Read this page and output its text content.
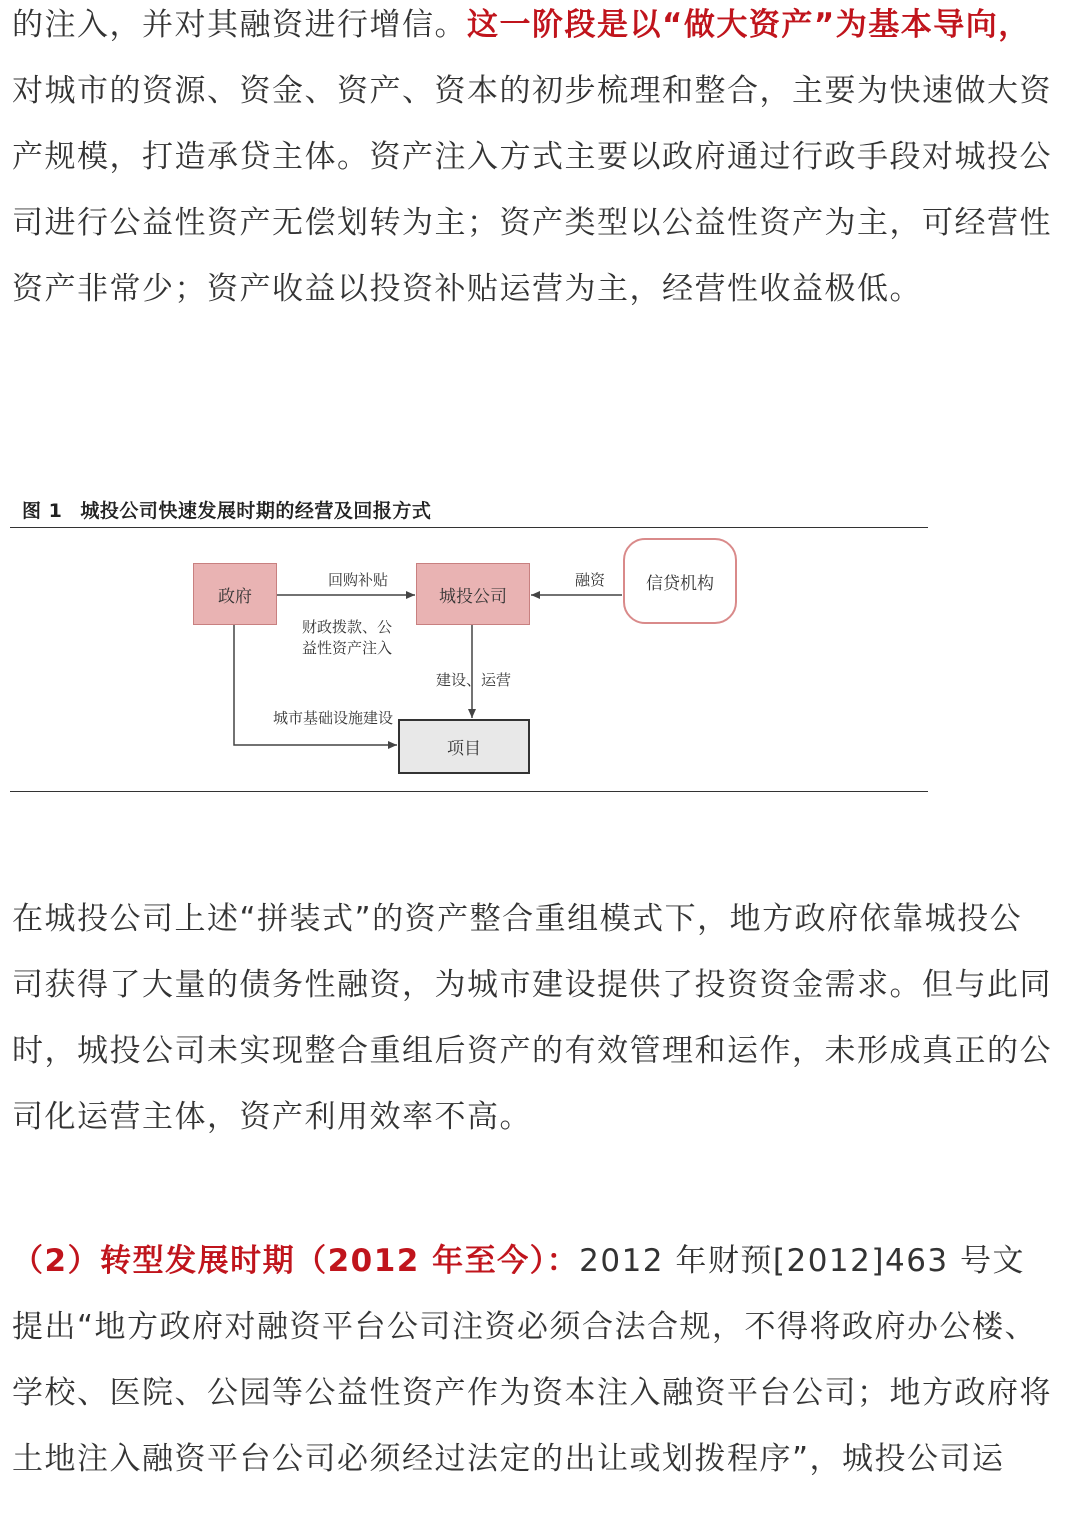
的注入，并对其融资进行增信。这一阶段是以“做大资产”为基本导向，对城市的资源、资金、资产、资本的初步梳理和整合，主要为快速做大资产规模，打造承贷主体。资产注入方式主要以政府通过行政手段对城投公司进行公益性资产无偿划转为主；资产类型以公益性资产为主，可经营性资产非常少；资产收益以投资补贴运营为主，经营性收益极低。

图 1 城投公司快速发展时期的经营及回报方式
政府	城投公司
信贷机构
项目
回购补贴
财政拨款、公
益性资产注入
融资
建设、运营
城市基础设施建设

在城投公司上述“拼装式”的资产整合重组模式下，地方政府依靠城投公司获得了大量的债务性融资，为城市建设提供了投资资金需求。但与此同时，城投公司未实现整合重组后资产的有效管理和运作，未形成真正的公司化运营主体，资产利用效率不高。

（2）转型发展时期（2012 年至今）：2012 年财预[2012]463 号文提出“地方政府对融资平台公司注资必须合法合规，不得将政府办公楼、学校、医院、公园等公益性资产作为资本注入融资平台公司；地方政府将土地注入融资平台公司必须经过法定的出让或划拨程序”，城投公司运
